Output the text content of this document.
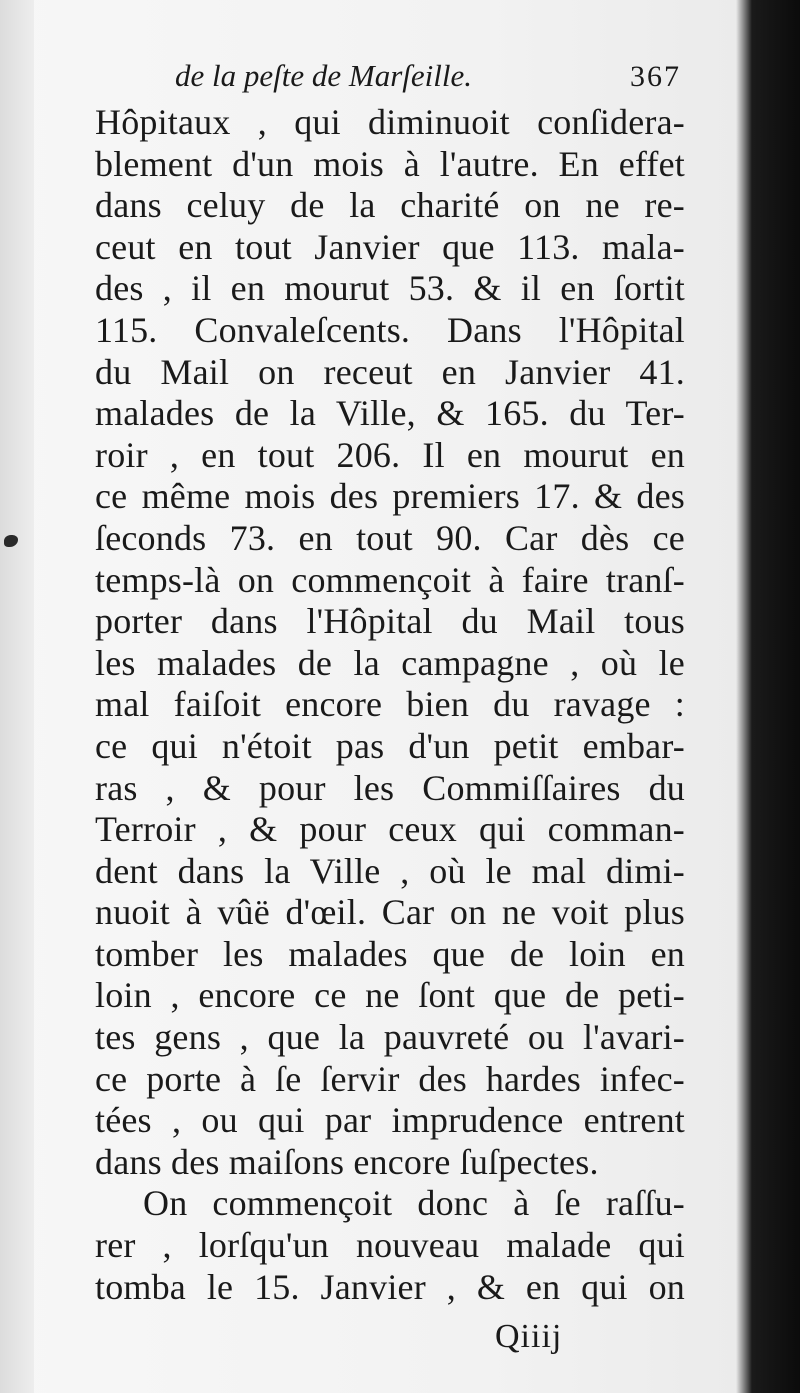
de la peſte de Marſeille.	367
Hôpitaux , qui diminuoit conſidera-
blement d'un mois à l'autre. En effet
dans celuy de la charité on ne re-
ceut en tout Janvier que 113. mala-
des , il en mourut 53. & il en ſortit
115. Convaleſcents. Dans l'Hôpital
du Mail on receut en Janvier 41.
malades de la Ville, & 165. du Ter-
roir , en tout 206. Il en mourut en
ce même mois des premiers 17. & des
ſeconds 73. en tout 90. Car dès ce
temps-là on commençoit à faire tranſ-
porter dans l'Hôpital du Mail tous
les malades de la campagne , où le
mal faiſoit encore bien du ravage :
ce qui n'étoit pas d'un petit embar-
ras , & pour les Commiſſaires du
Terroir , & pour ceux qui comman-
dent dans la Ville , où le mal dimi-
nuoit à vûë d'œil. Car on ne voit plus
tomber les malades que de loin en
loin , encore ce ne ſont que de peti-
tes gens , que la pauvreté ou l'avari-
ce porte à ſe ſervir des hardes infec-
tées , ou qui par imprudence entrent
dans des maiſons encore ſuſpectes.
On commençoit donc à ſe raſſu-
rer , lorſqu'un nouveau malade qui
tomba le 15. Janvier , & en qui on
Qiiij
